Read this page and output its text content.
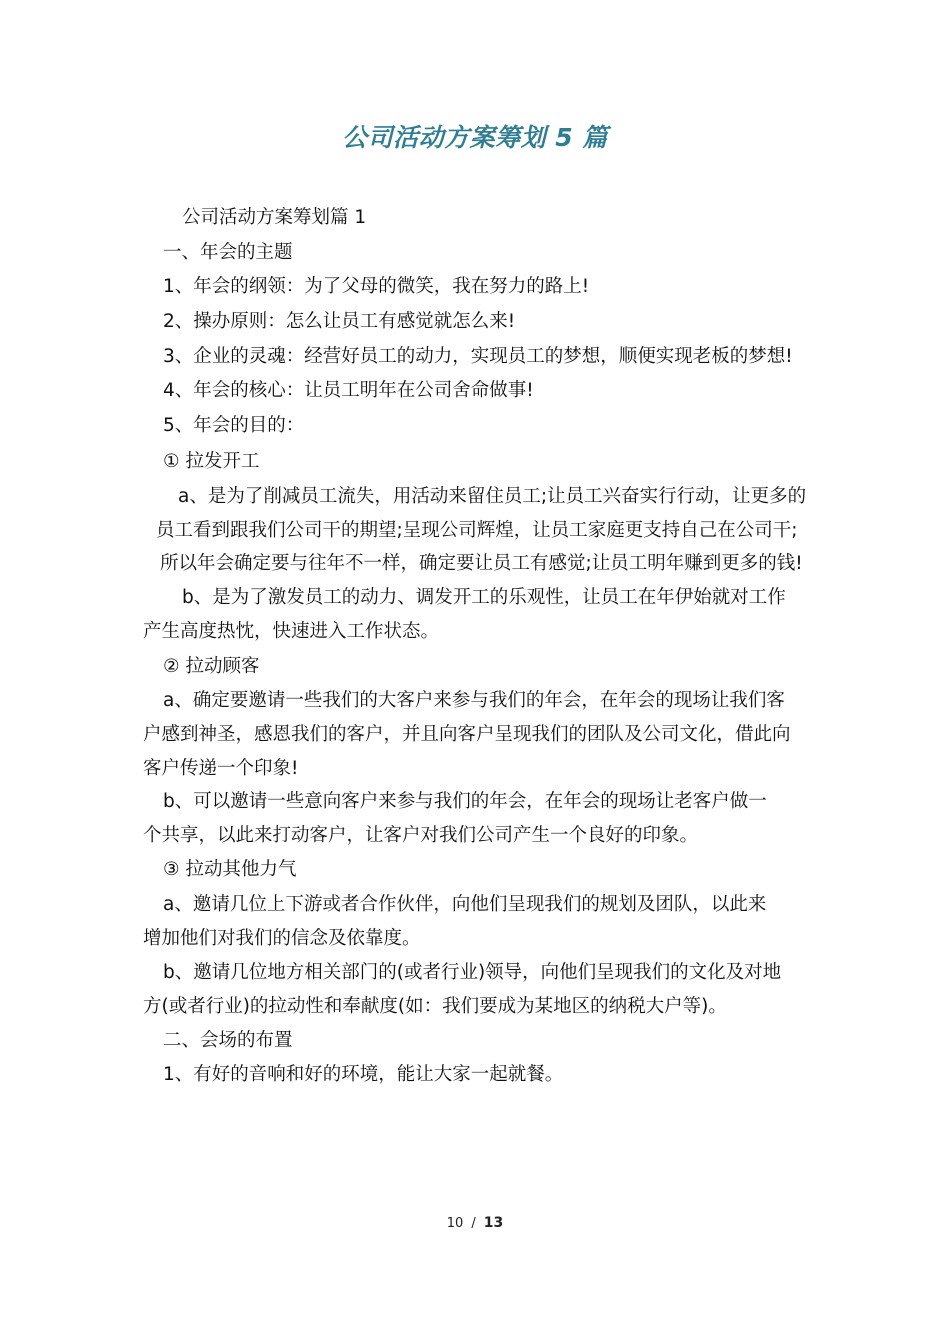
公司活动方案筹划 5 篇
公司活动方案筹划篇 1
一、年会的主题
1、年会的纲领：为了父母的微笑，我在努力的路上!
2、操办原则：怎么让员工有感觉就怎么来!
3、企业的灵魂：经营好员工的动力，实现员工的梦想，顺便实现老板的梦想!
4、年会的核心：让员工明年在公司舍命做事!
5、年会的目的：
① 拉发开工
a、是为了削减员工流失，用活动来留住员工;让员工兴奋实行行动，让更多的
员工看到跟我们公司干的期望;呈现公司辉煌，让员工家庭更支持自己在公司干;
所以年会确定要与往年不一样，确定要让员工有感觉;让员工明年赚到更多的钱!
b、是为了激发员工的动力、调发开工的乐观性，让员工在年伊始就对工作
产生高度热忱，快速进入工作状态。
② 拉动顾客
a、确定要邀请一些我们的大客户来参与我们的年会，在年会的现场让我们客
户感到神圣，感恩我们的客户，并且向客户呈现我们的团队及公司文化，借此向
客户传递一个印象!
b、可以邀请一些意向客户来参与我们的年会，在年会的现场让老客户做一
个共享，以此来打动客户，让客户对我们公司产生一个良好的印象。
③ 拉动其他力气
a、邀请几位上下游或者合作伙伴，向他们呈现我们的规划及团队，以此来
增加他们对我们的信念及依靠度。
b、邀请几位地方相关部门的(或者行业)领导，向他们呈现我们的文化及对地
方(或者行业)的拉动性和奉献度(如：我们要成为某地区的纳税大户等)。
二、会场的布置
1、有好的音响和好的环境，能让大家一起就餐。
10 / 13
